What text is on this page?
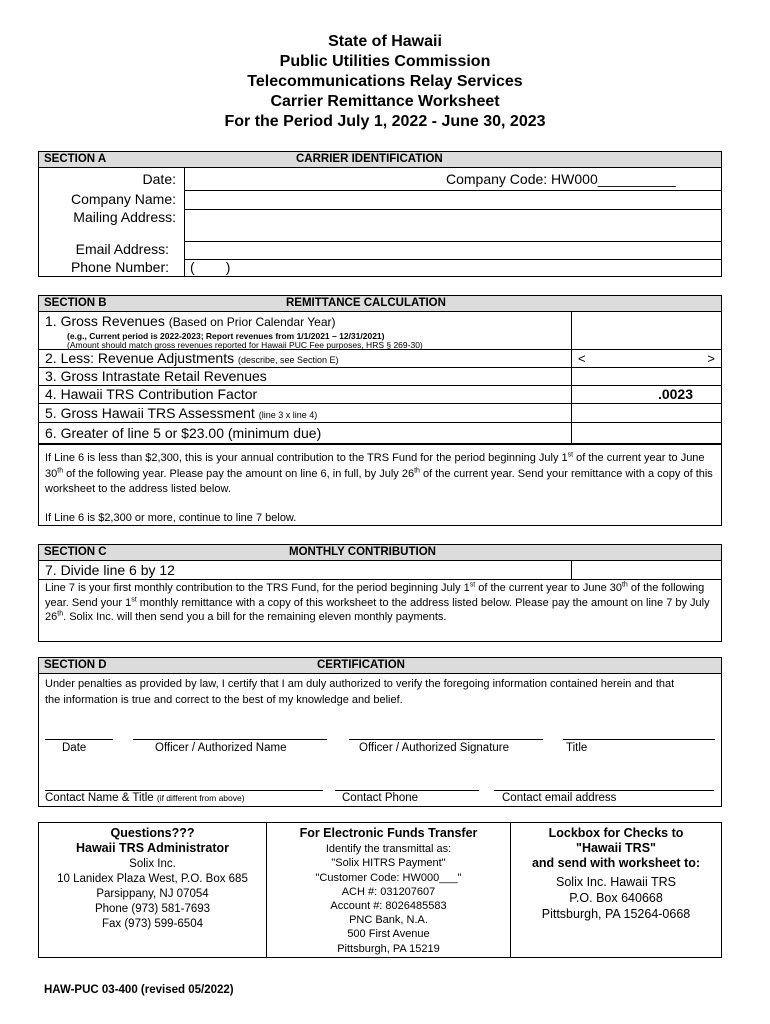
State of Hawaii
Public Utilities Commission
Telecommunications Relay Services
Carrier Remittance Worksheet
For the Period July 1, 2022 - June 30, 2023
SECTION A	CARRIER IDENTIFICATION
Date:	Company Code: HW000__________
Company Name:
Mailing Address:
Email Address:
Phone Number: (        )
SECTION B	REMITTANCE CALCULATION
1. Gross Revenues (Based on Prior Calendar Year)
(e.g., Current period is 2022-2023; Report revenues from 1/1/2021 – 12/31/2021)
(Amount should match gross revenues reported for Hawaii PUC Fee purposes, HRS § 269-30)
2. Less: Revenue Adjustments (describe, see Section E)	<	>
3. Gross Intrastate Retail Revenues
4. Hawaii TRS Contribution Factor	.0023
5. Gross Hawaii TRS Assessment (line 3 x line 4)
6. Greater of line 5 or $23.00 (minimum due)
If Line 6 is less than $2,300, this is your annual contribution to the TRS Fund for the period beginning July 1st of the current year to June 30th of the following year. Please pay the amount on line 6, in full, by July 26th of the current year. Send your remittance with a copy of this worksheet to the address listed below.
If Line 6 is $2,300 or more, continue to line 7 below.
SECTION C	MONTHLY CONTRIBUTION
7. Divide line 6 by 12
Line 7 is your first monthly contribution to the TRS Fund, for the period beginning July 1st of the current year to June 30th of the following year. Send your 1st monthly remittance with a copy of this worksheet to the address listed below. Please pay the amount on line 7 by July 26th. Solix Inc. will then send you a bill for the remaining eleven monthly payments.
SECTION D	CERTIFICATION
Under penalties as provided by law, I certify that I am duly authorized to verify the foregoing information contained herein and that the information is true and correct to the best of my knowledge and belief.
Date	Officer / Authorized Name	Officer / Authorized Signature	Title
Contact Name & Title (if different from above)	Contact Phone	Contact email address
Questions???
Hawaii TRS Administrator
Solix Inc.
10 Lanidex Plaza West, P.O. Box 685
Parsippany, NJ 07054
Phone (973) 581-7693
Fax (973) 599-6504
For Electronic Funds Transfer
Identify the transmittal as:
"Solix HITRS Payment"
"Customer Code: HW000___"
ACH #: 031207607
Account #: 8026485583
PNC Bank, N.A.
500 First Avenue
Pittsburgh, PA 15219
Lockbox for Checks to
"Hawaii TRS"
and send with worksheet to:
Solix Inc. Hawaii TRS
P.O. Box 640668
Pittsburgh, PA 15264-0668
HAW-PUC 03-400 (revised 05/2022)
